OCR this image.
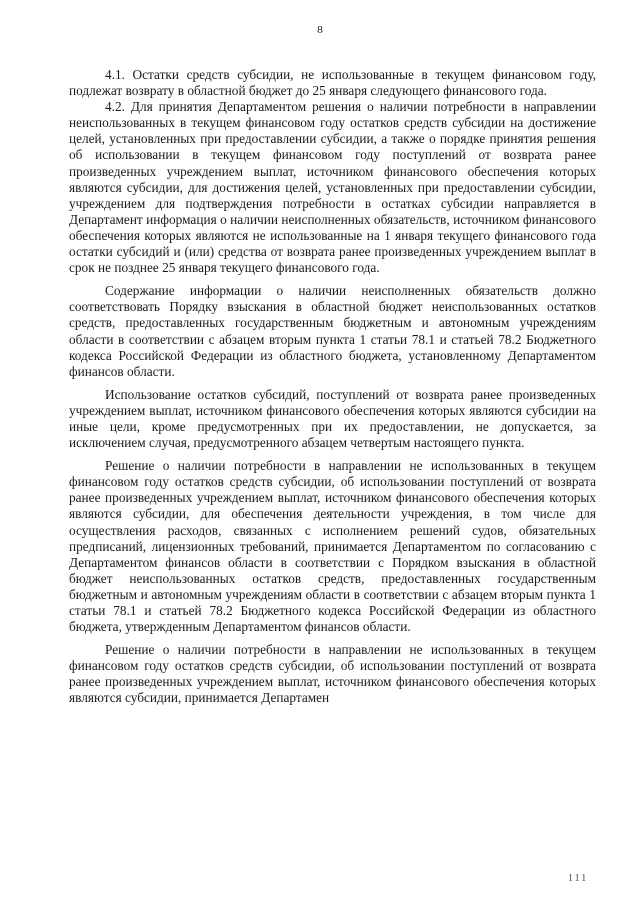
8

4.1. Остатки средств субсидии, не использованные в текущем финансовом году, подлежат возврату в областной бюджет до 25 января следующего финансового года.

4.2. Для принятия Департаментом решения о наличии потребности в направлении неиспользованных в текущем финансовом году остатков средств субсидии на достижение целей, установленных при предоставлении субсидии, а также о порядке принятия решения об использовании в текущем финансовом году поступлений от возврата ранее произведенных учреждением выплат, источником финансового обеспечения которых являются субсидии, для достижения целей, установленных при предоставлении субсидии, учреждением для подтверждения потребности в остатках субсидии направляется в Департамент информация о наличии неисполненных обязательств, источником финансового обеспечения которых являются не использованные на 1 января текущего финансового года остатки субсидий и (или) средства от возврата ранее произведенных учреждением выплат в срок не позднее 25 января текущего финансового года.

Содержание информации о наличии неисполненных обязательств должно соответствовать Порядку взыскания в областной бюджет неиспользованных остатков средств, предоставленных государственным бюджетным и автономным учреждениям области в соответствии с абзацем вторым пункта 1 статьи 78.1 и статьей 78.2 Бюджетного кодекса Российской Федерации из областного бюджета, установленному Департаментом финансов области.

Использование остатков субсидий, поступлений от возврата ранее произведенных учреждением выплат, источником финансового обеспечения которых являются субсидии на иные цели, кроме предусмотренных при их предоставлении, не допускается, за исключением случая, предусмотренного абзацем четвертым настоящего пункта.

Решение о наличии потребности в направлении не использованных в текущем финансовом году остатков средств субсидии, об использовании поступлений от возврата ранее произведенных учреждением выплат, источником финансового обеспечения которых являются субсидии, для обеспечения деятельности учреждения, в том числе для осуществления расходов, связанных с исполнением решений судов, обязательных предписаний, лицензионных требований, принимается Департаментом по согласованию с Департаментом финансов области в соответствии с Порядком взыскания в областной бюджет неиспользованных остатков средств, предоставленных государственным бюджетным и автономным учреждениям области в соответствии с абзацем вторым пункта 1 статьи 78.1 и статьей 78.2 Бюджетного кодекса Российской Федерации из областного бюджета, утвержденным Департаментом финансов области.

Решение о наличии потребности в направлении не использованных в текущем финансовом году остатков средств субсидии, об использовании поступлений от возврата ранее произведенных учреждением выплат, источником финансового обеспечения которых являются субсидии, принимается Департамен

111
